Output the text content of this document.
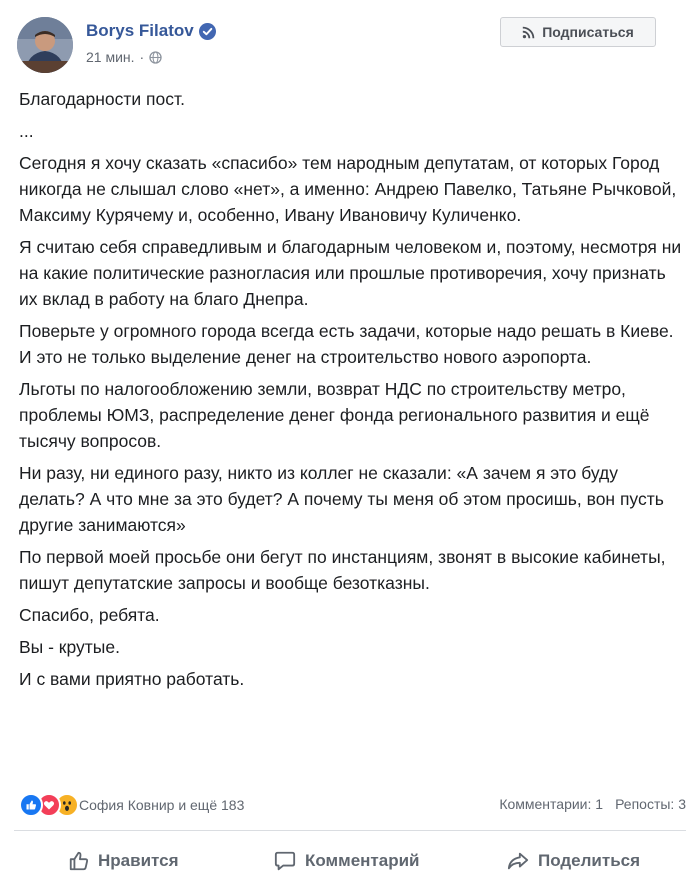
Borys Filatov
21 мин. ·
Подписаться

Благодарности пост.

...

Сегодня я хочу сказать «спасибо» тем народным депутатам, от которых Город никогда не слышал слово «нет», а именно: Андрею Павелко, Татьяне Рычковой, Максиму Курячему и, особенно, Ивану Ивановичу Куличенко.

Я считаю себя справедливым и благодарным человеком и, поэтому, несмотря ни на какие политические разногласия или прошлые противоречия, хочу признать их вклад в работу на благо Днепра.

Поверьте у огромного города всегда есть задачи, которые надо решать в Киеве. И это не только выделение денег на строительство нового аэропорта.

Льготы по налогообложению земли, возврат НДС по строительству метро, проблемы ЮМЗ, распределение денег фонда регионального развития и ещё тысячу вопросов.

Ни разу, ни единого разу, никто из коллег не сказали: «А зачем я это буду делать? А что мне за это будет? А почему ты меня об этом просишь, вон пусть другие занимаются»

По первой моей просьбе они бегут по инстанциям, звонят в высокие кабинеты, пишут депутатские запросы и вообще безотказны.

Спасибо, ребята.

Вы - крутые.

И с вами приятно работать.

София Ковнир и ещё 183	Комментарии: 1 Репосты: 3
Нравится	Комментарий	Поделиться
